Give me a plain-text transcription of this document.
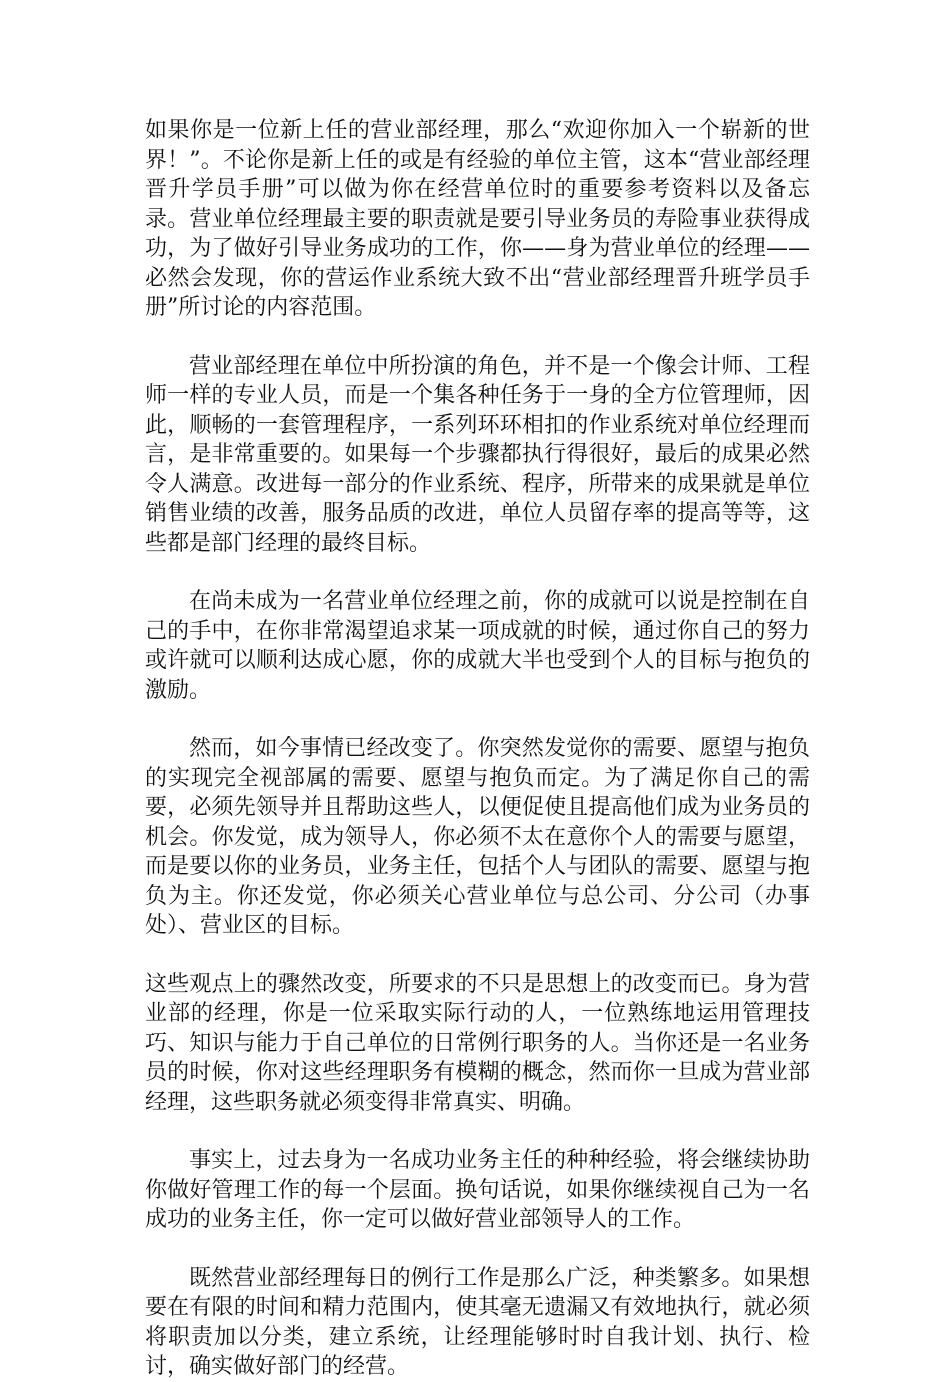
如果你是一位新上任的营业部经理，那么“欢迎你加入一个崭新的世界！”。不论你是新上任的或是有经验的单位主管，这本“营业部经理晋升学员手册”可以做为你在经营单位时的重要参考资料以及备忘录。营业单位经理最主要的职责就是要引导业务员的寿险事业获得成功，为了做好引导业务成功的工作，你——身为营业单位的经理——必然会发现，你的营运作业系统大致不出“营业部经理晋升班学员手册”所讨论的内容范围。

营业部经理在单位中所扮演的角色，并不是一个像会计师、工程师一样的专业人员，而是一个集各种任务于一身的全方位管理师，因此，顺畅的一套管理程序，一系列环环相扣的作业系统对单位经理而言，是非常重要的。如果每一个步骤都执行得很好，最后的成果必然令人满意。改进每一部分的作业系统、程序，所带来的成果就是单位销售业绩的改善，服务品质的改进，单位人员留存率的提高等等，这些都是部门经理的最终目标。

在尚未成为一名营业单位经理之前，你的成就可以说是控制在自己的手中，在你非常渴望追求某一项成就的时候，通过你自己的努力或许就可以顺利达成心愿，你的成就大半也受到个人的目标与抱负的激励。

然而，如今事情已经改变了。你突然发觉你的需要、愿望与抱负的实现完全视部属的需要、愿望与抱负而定。为了满足你自己的需要，必须先领导并且帮助这些人，以便促使且提高他们成为业务员的机会。你发觉，成为领导人，你必须不太在意你个人的需要与愿望，而是要以你的业务员，业务主任，包括个人与团队的需要、愿望与抱负为主。你还发觉，你必须关心营业单位与总公司、分公司（办事处）、营业区的目标。

这些观点上的骤然改变，所要求的不只是思想上的改变而已。身为营业部的经理，你是一位采取实际行动的人，一位熟练地运用管理技巧、知识与能力于自己单位的日常例行职务的人。当你还是一名业务员的时候，你对这些经理职务有模糊的概念，然而你一旦成为营业部经理，这些职务就必须变得非常真实、明确。

事实上，过去身为一名成功业务主任的种种经验，将会继续协助你做好管理工作的每一个层面。换句话说，如果你继续视自己为一名成功的业务主任，你一定可以做好营业部领导人的工作。

既然营业部经理每日的例行工作是那么广泛，种类繁多。如果想要在有限的时间和精力范围内，使其毫无遗漏又有效地执行，就必须将职责加以分类，建立系统，让经理能够时时自我计划、执行、检讨，确实做好部门的经营。
